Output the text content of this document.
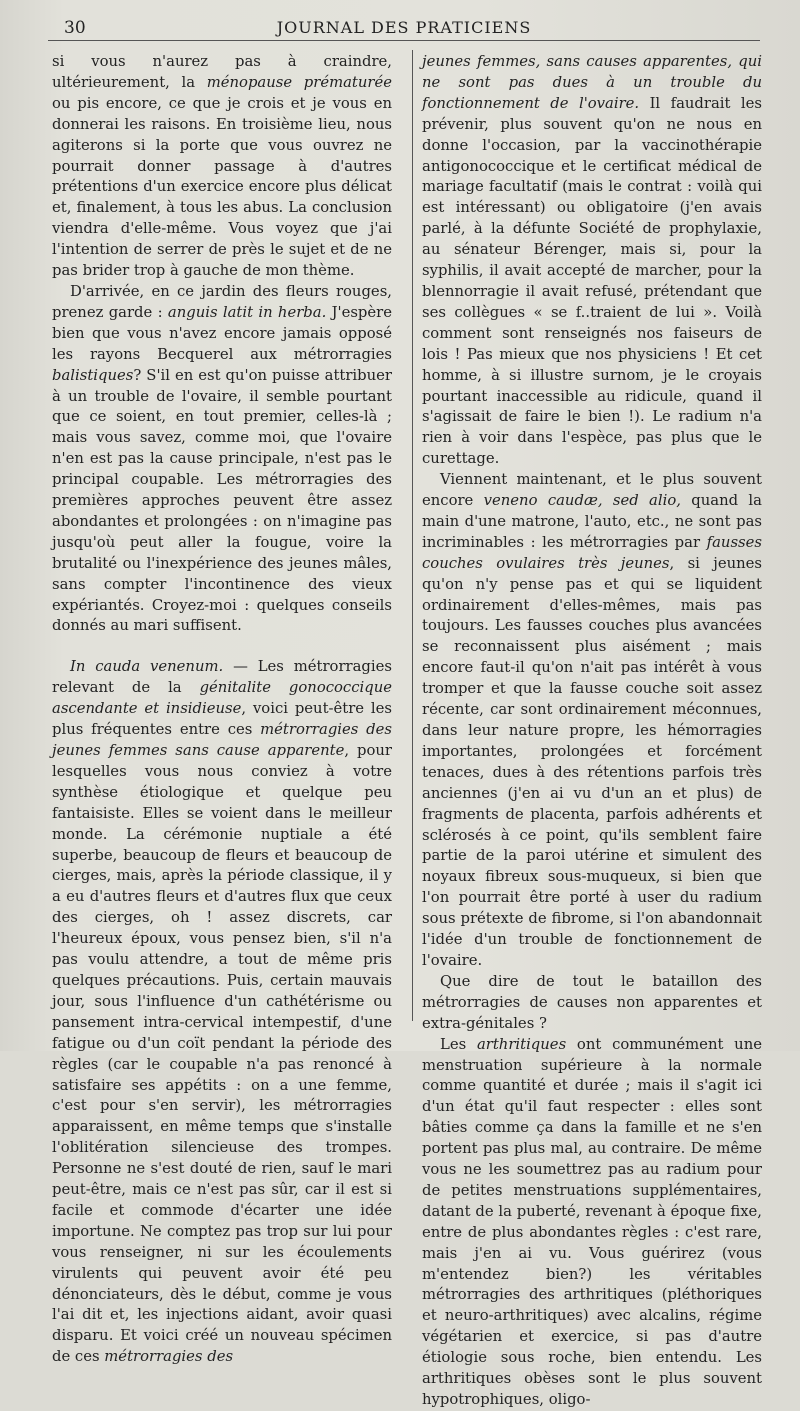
30	JOURNAL DES PRATICIENS

si vous n'aurez pas à craindre, ultérieurement, la ménopause prématurée ou pis encore, ce que je crois et je vous en donnerai les raisons. En troisième lieu, nous agiterons si la porte que vous ouvrez ne pourrait donner passage à d'autres prétentions d'un exercice encore plus délicat et, finalement, à tous les abus. La conclusion viendra d'elle-même. Vous voyez que j'ai l'intention de serrer de près le sujet et de ne pas brider trop à gauche de mon thème.

D'arrivée, en ce jardin des fleurs rouges, prenez garde : anguis latit in herba. J'espère bien que vous n'avez encore jamais opposé les rayons Becquerel aux métrorragies balistiques? S'il en est qu'on puisse attribuer à un trouble de l'ovaire, il semble pourtant que ce soient, en tout premier, celles-là ; mais vous savez, comme moi, que l'ovaire n'en est pas la cause principale, n'est pas le principal coupable. Les métrorragies des premières approches peuvent être assez abondantes et prolongées : on n'imagine pas jusqu'où peut aller la fougue, voire la brutalité ou l'inexpérience des jeunes mâles, sans compter l'incontinence des vieux expériantés. Croyez-moi : quelques conseils donnés au mari suffisent.

In cauda venenum. — Les métrorragies relevant de la génitalite gonococcique ascendante et insidieuse, voici peut-être les plus fréquentes entre ces métrorragies des jeunes femmes sans cause apparente, pour lesquelles vous nous conviez à votre synthèse étiologique et quelque peu fantaisiste. Elles se voient dans le meilleur monde. La cérémonie nuptiale a été superbe, beaucoup de fleurs et beaucoup de cierges, mais, après la période classique, il y a eu d'autres fleurs et d'autres flux que ceux des cierges, oh ! assez discrets, car l'heureux époux, vous pensez bien, s'il n'a pas voulu attendre, a tout de même pris quelques précautions. Puis, certain mauvais jour, sous l'influence d'un cathétérisme ou pansement intra-cervical intempestif, d'une fatigue ou d'un coït pendant la période des règles (car le coupable n'a pas renoncé à satisfaire ses appétits : on a une femme, c'est pour s'en servir), les métrorragies apparaissent, en même temps que s'installe l'oblitération silencieuse des trompes. Personne ne s'est douté de rien, sauf le mari peut-être, mais ce n'est pas sûr, car il est si facile et commode d'écarter une idée importune. Ne comptez pas trop sur lui pour vous renseigner, ni sur les écoulements virulents qui peuvent avoir été peu dénonciateurs, dès le début, comme je vous l'ai dit et, les injections aidant, avoir quasi disparu. Et voici créé un nouveau spécimen de ces métrorragies des

jeunes femmes, sans causes apparentes, qui ne sont pas dues à un trouble du fonctionnement de l'ovaire. Il faudrait les prévenir, plus souvent qu'on ne nous en donne l'occasion, par la vaccinothérapie antigonococcique et le certificat médical de mariage facultatif (mais le contrat : voilà qui est intéressant) ou obligatoire (j'en avais parlé, à la défunte Société de prophylaxie, au sénateur Bérenger, mais si, pour la syphilis, il avait accepté de marcher, pour la blennorragie il avait refusé, prétendant que ses collègues « se f..traient de lui ». Voilà comment sont renseignés nos faiseurs de lois ! Pas mieux que nos physiciens ! Et cet homme, à si illustre surnom, je le croyais pourtant inaccessible au ridicule, quand il s'agissait de faire le bien !). Le radium n'a rien à voir dans l'espèce, pas plus que le curettage.

Viennent maintenant, et le plus souvent encore veneno caudæ, sed alio, quand la main d'une matrone, l'auto, etc., ne sont pas incriminables : les métrorragies par fausses couches ovulaires très jeunes, si jeunes qu'on n'y pense pas et qui se liquident ordinairement d'elles-mêmes, mais pas toujours. Les fausses couches plus avancées se reconnaissent plus aisément ; mais encore faut-il qu'on n'ait pas intérêt à vous tromper et que la fausse couche soit assez récente, car sont ordinairement méconnues, dans leur nature propre, les hémorragies importantes, prolongées et forcément tenaces, dues à des rétentions parfois très anciennes (j'en ai vu d'un an et plus) de fragments de placenta, parfois adhérents et sclérosés à ce point, qu'ils semblent faire partie de la paroi utérine et simulent des noyaux fibreux sous-muqueux, si bien que l'on pourrait être porté à user du radium sous prétexte de fibrome, si l'on abandonnait l'idée d'un trouble de fonctionnement de l'ovaire.

Que dire de tout le bataillon des métrorragies de causes non apparentes et extra-génitales ?

Les arthritiques ont communément une menstruation supérieure à la normale comme quantité et durée ; mais il s'agit ici d'un état qu'il faut respecter : elles sont bâties comme ça dans la famille et ne s'en portent pas plus mal, au contraire. De même vous ne les soumettrez pas au radium pour de petites menstruations supplémentaires, datant de la puberté, revenant à époque fixe, entre de plus abondantes règles : c'est rare, mais j'en ai vu. Vous guérirez (vous m'entendez bien?) les véritables métrorragies des arthritiques (pléthoriques et neuro-arthritiques) avec alcalins, régime végétarien et exercice, si pas d'autre étiologie sous roche, bien entendu. Les arthritiques obèses sont le plus souvent hypotrophiques, oligo-
